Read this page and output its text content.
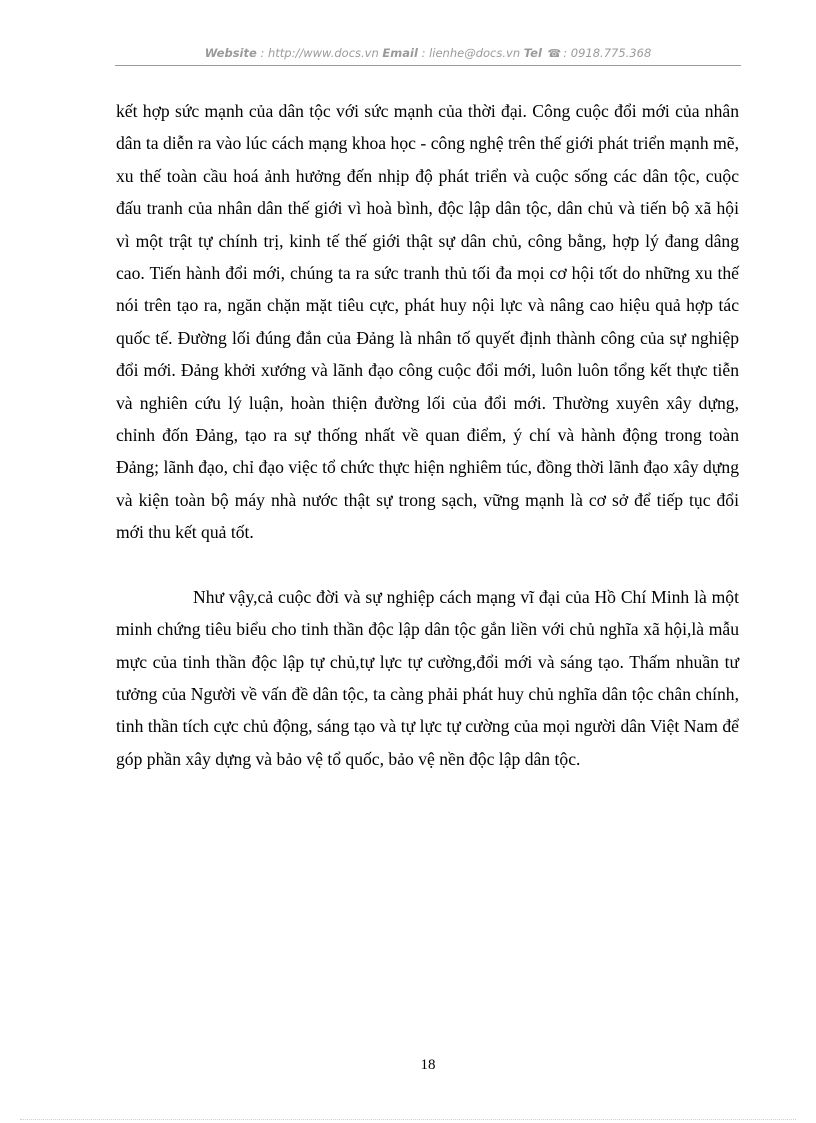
Website : http://www.docs.vn Email : lienhe@docs.vn Tel ☎ : 0918.775.368

kết hợp sức mạnh của dân tộc với sức mạnh của thời đại. Công cuộc đổi mới của nhân dân ta diễn ra vào lúc cách mạng khoa học - công nghệ trên thế giới phát triển mạnh mẽ, xu thế toàn cầu hoá ảnh hưởng đến nhịp độ phát triển và cuộc sống các dân tộc, cuộc đấu tranh của nhân dân thế giới vì hoà bình, độc lập dân tộc, dân chủ và tiến bộ xã hội vì một trật tự chính trị, kinh tế thế giới thật sự dân chủ, công bằng, hợp lý đang dâng cao. Tiến hành đổi mới, chúng ta ra sức tranh thủ tối đa mọi cơ hội tốt do những xu thế nói trên tạo ra, ngăn chặn mặt tiêu cực, phát huy nội lực và nâng cao hiệu quả hợp tác quốc tế. Đường lối đúng đắn của Đảng là nhân tố quyết định thành công của sự nghiệp đổi mới. Đảng khởi xướng và lãnh đạo công cuộc đổi mới, luôn luôn tổng kết thực tiễn và nghiên cứu lý luận, hoàn thiện đường lối của đổi mới. Thường xuyên xây dựng, chỉnh đốn Đảng, tạo ra sự thống nhất về quan điểm, ý chí và hành động trong toàn Đảng; lãnh đạo, chỉ đạo việc tổ chức thực hiện nghiêm túc, đồng thời lãnh đạo xây dựng và kiện toàn bộ máy nhà nước thật sự trong sạch, vững mạnh là cơ sở để tiếp tục đổi mới thu kết quả tốt.

Như vậy,cả cuộc đời và sự nghiệp cách mạng vĩ đại của Hồ Chí Minh là một minh chứng tiêu biểu cho tinh thần độc lập dân tộc gắn liền với chủ nghĩa xã hội,là mẫu mực của tinh thần độc lập tự chủ,tự lực tự cường,đổi mới và sáng tạo. Thấm nhuần tư tưởng của Người về vấn đề dân tộc, ta càng phải phát huy chủ nghĩa dân tộc chân chính, tinh thần tích cực chủ động, sáng tạo và tự lực tự cường của mọi người dân Việt Nam để góp phần xây dựng và bảo vệ tổ quốc, bảo vệ nền độc lập dân tộc.

18
